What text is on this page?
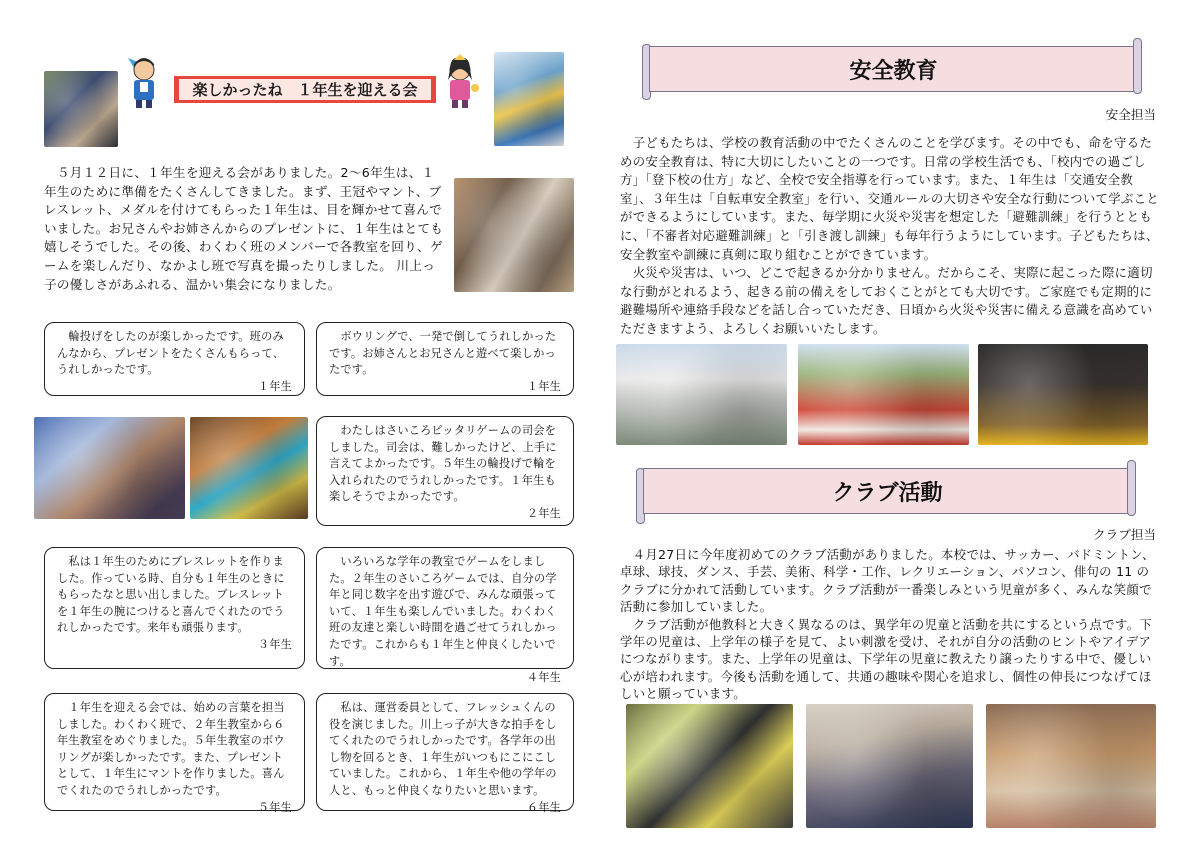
楽しかったね　１年生を迎える会
　５月１２日に、１年生を迎える会がありました。2～6年生は、１年生のために準備をたくさんしてきました。まず、王冠やマント、ブレスレット、メダルを付けてもらった１年生は、目を輝かせて喜んでいました。お兄さんやお姉さんからのプレゼントに、１年生はとても嬉しそうでした。その後、わくわく班のメンバーで各教室を回り、ゲームを楽しんだり、なかよし班で写真を撮ったりしました。 川上っ子の優しさがあふれる、温かい集会になりました。
　輪投げをしたのが楽しかったです。班のみんなから、プレゼントをたくさんもらって、うれしかったです。
１年生
　ボウリングで、一発で倒してうれしかったです。お姉さんとお兄さんと遊べて楽しかったです。
１年生
　わたしはさいころピッタリゲームの司会をしました。司会は、難しかったけど、上手に言えてよかったです。５年生の輪投げで輪を入れられたのでうれしかったです。１年生も楽しそうでよかったです。
２年生
　私は１年生のためにブレスレットを作りました。作っている時、自分も１年生のときにもらったなと思い出しました。ブレスレットを１年生の腕につけると喜んでくれたのでうれしかったです。来年も頑張ります。
３年生
　いろいろな学年の教室でゲームをしました。２年生のさいころゲームでは、自分の学年と同じ数字を出す遊びで、みんな頑張っていて、１年生も楽しんでいました。わくわく班の友達と楽しい時間を過ごせてうれしかったです。これからも１年生と仲良くしたいです。
４年生
　１年生を迎える会では、始めの言葉を担当しました。わくわく班で、２年生教室から６年生教室をめぐりました。５年生教室のボウリングが楽しかったです。また、プレゼントとして、１年生にマントを作りました。喜んでくれたのでうれしかったです。
５年生
　私は、運営委員として、フレッシュくんの役を演じました。川上っ子が大きな拍手をしてくれたのでうれしかったです。各学年の出し物を回るとき、１年生がいつもにこにこしていました。これから、１年生や他の学年の人と、もっと仲良くなりたいと思います。
６年生
安全教育
安全担当
　子どもたちは、学校の教育活動の中でたくさんのことを学びます。その中でも、命を守るための安全教育は、特に大切にしたいことの一つです。日常の学校生活でも、「校内での過ごし方」「登下校の仕方」など、全校で安全指導を行っています。また、１年生は「交通安全教室」、３年生は「自転車安全教室」を行い、交通ルールの大切さや安全な行動について学ぶことができるようにしています。また、毎学期に火災や災害を想定した「避難訓練」を行うとともに、「不審者対応避難訓練」と「引き渡し訓練」も毎年行うようにしています。子どもたちは、安全教室や訓練に真剣に取り組むことができています。
　火災や災害は、いつ、どこで起きるか分かりません。だからこそ、実際に起こった際に適切な行動がとれるよう、起きる前の備えをしておくことがとても大切です。ご家庭でも定期的に避難場所や連絡手段などを話し合っていただき、日頃から火災や災害に備える意識を高めていただきますよう、よろしくお願いいたします。
クラブ活動
クラブ担当
　４月27日に今年度初めてのクラブ活動がありました。本校では、サッカー、バドミントン、卓球、球技、ダンス、手芸、美術、科学・工作、レクリエーション、パソコン、俳句の 11 のクラブに分かれて活動しています。クラブ活動が一番楽しみという児童が多く、みんな笑顔で活動に参加していました。
　クラブ活動が他教科と大きく異なるのは、異学年の児童と活動を共にするという点です。下学年の児童は、上学年の様子を見て、よい刺激を受け、それが自分の活動のヒントやアイデアにつながります。また、上学年の児童は、下学年の児童に教えたり譲ったりする中で、優しい心が培われます。今後も活動を通して、共通の趣味や関心を追求し、個性の伸長につなげてほしいと願っています。
